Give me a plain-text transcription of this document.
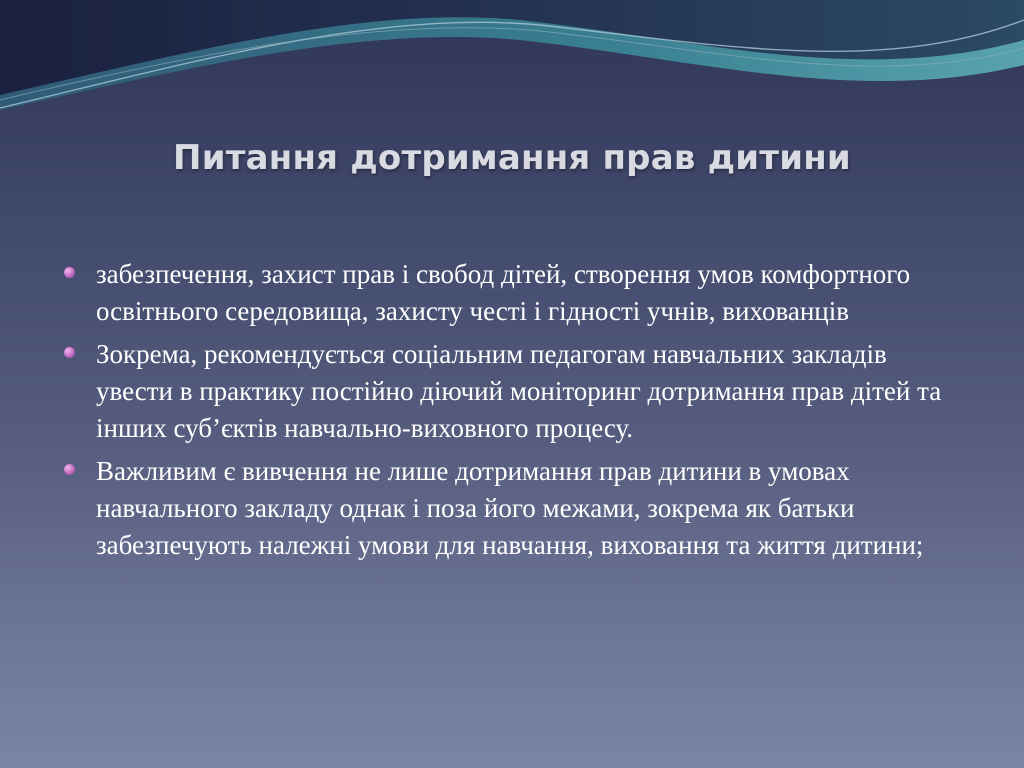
Питання дотримання прав дитини
забезпечення, захист прав і свобод дітей, створення умов комфортного освітнього середовища, захисту честі і гідності учнів, вихованців
Зокрема, рекомендується соціальним педагогам навчальних закладів увести в практику постійно діючий моніторинг дотримання прав дітей та інших суб’єктів навчально-виховного процесу.
Важливим є вивчення не лише дотримання прав дитини в умовах навчального закладу однак і поза його межами, зокрема як батьки забезпечують належні умови для навчання, виховання та життя дитини;
